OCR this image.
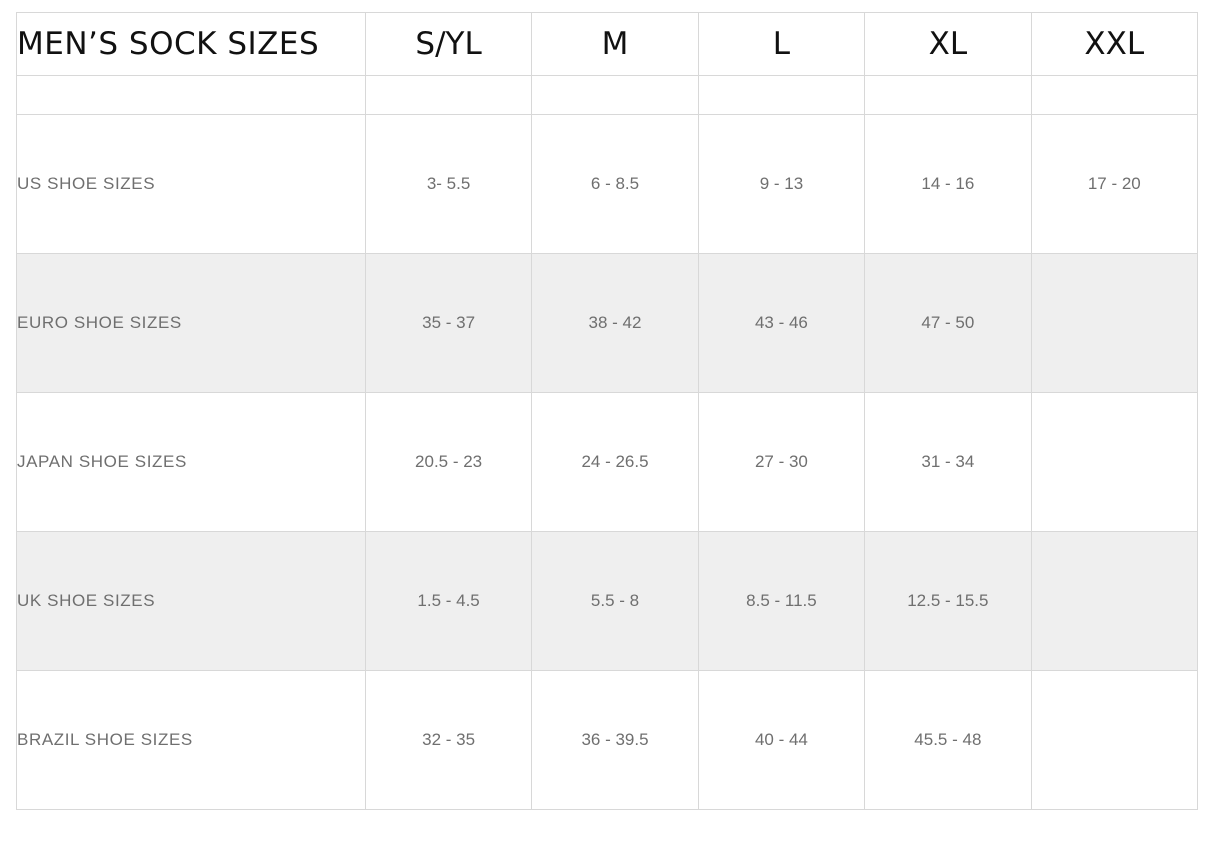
MEN’S SOCK SIZES	S/YL	M	L	XL	XXL

US SHOE SIZES	3- 5.5	6 - 8.5	9 - 13	14 - 16	17 - 20
EURO SHOE SIZES	35 - 37	38 - 42	43 - 46	47 - 50	
JAPAN SHOE SIZES	20.5 - 23	24 - 26.5	27 - 30	31 - 34	
UK SHOE SIZES	1.5 - 4.5	5.5 - 8	8.5 - 11.5	12.5 - 15.5	
BRAZIL SHOE SIZES	32 - 35	36 - 39.5	40 - 44	45.5 - 48	
